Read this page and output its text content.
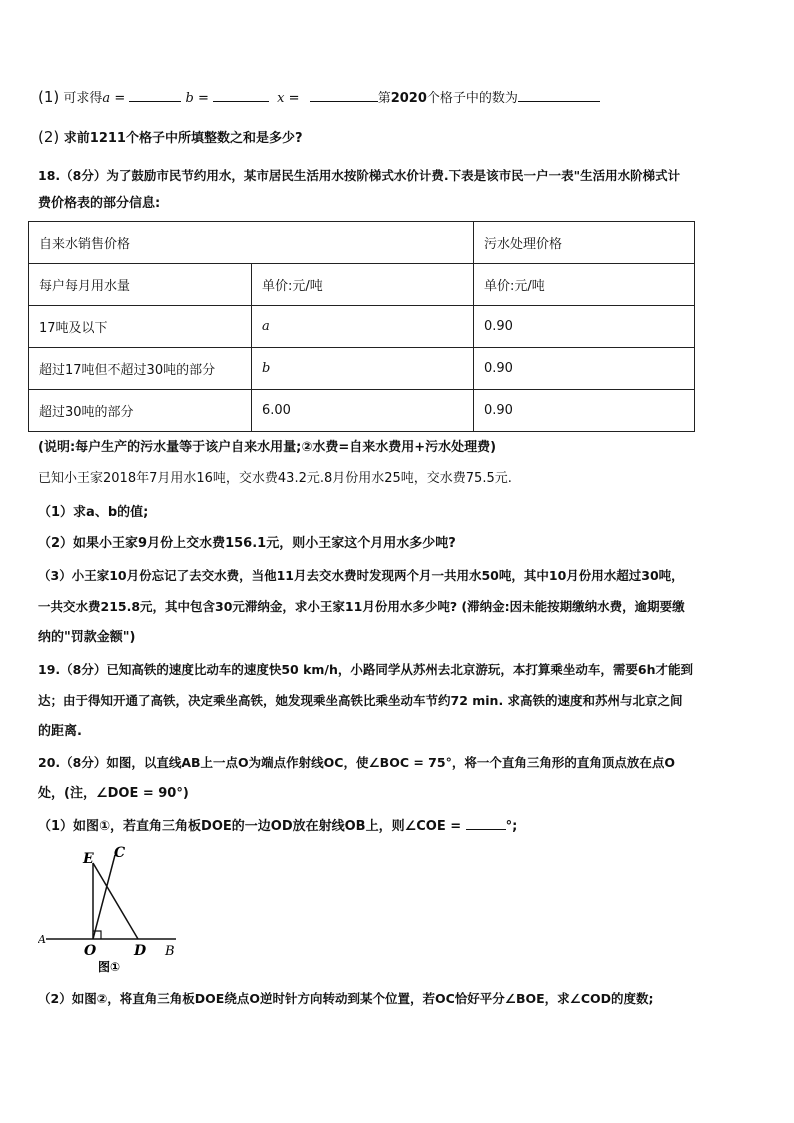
(1) 可求得a =	b =	x =	第2020个格子中的数为
(2) 求前1211个格子中所填整数之和是多少?
18.（8分）为了鼓励市民节约用水，某市居民生活用水按阶梯式水价计费.下表是该市民一户一表"生活用水阶梯式计
费价格表的部分信息:
自来水销售价格		污水处理价格
每户每月用水量	单价:元/吨	单价:元/吨
17吨及以下	a	0.90
超过17吨但不超过30吨的部分	b	0.90
超过30吨的部分	6.00	0.90
(说明:每户生产的污水量等于该户自来水用量;②水费=自来水费用+污水处理费)
已知小王家2018年7月用水16吨，交水费43.2元.8月份用水25吨，交水费75.5元.
（1）求a、b的值;
（2）如果小王家9月份上交水费156.1元，则小王家这个月用水多少吨?
（3）小王家10月份忘记了去交水费，当他11月去交水费时发现两个月一共用水50吨，其中10月份用水超过30吨，
一共交水费215.8元，其中包含30元滞纳金，求小王家11月份用水多少吨? (滞纳金:因未能按期缴纳水费，逾期要缴
纳的"罚款金额")
19.（8分）已知高铁的速度比动车的速度快50 km/h，小路同学从苏州去北京游玩，本打算乘坐动车，需要6h才能到
达；由于得知开通了高铁，决定乘坐高铁，她发现乘坐高铁比乘坐动车节约72 min. 求高铁的速度和苏州与北京之间
的距离.
20.（8分）如图，以直线AB上一点O为端点作射线OC，使∠BOC = 75°，将一个直角三角形的直角顶点放在点O
处，(注，∠DOE = 90°)
（1）如图①，若直角三角板DOE的一边OD放在射线OB上，则∠COE =	°;
E C
A
O	D B
图①
（2）如图②，将直角三角板DOE绕点O逆时针方向转动到某个位置，若OC恰好平分∠BOE，求∠COD的度数;
